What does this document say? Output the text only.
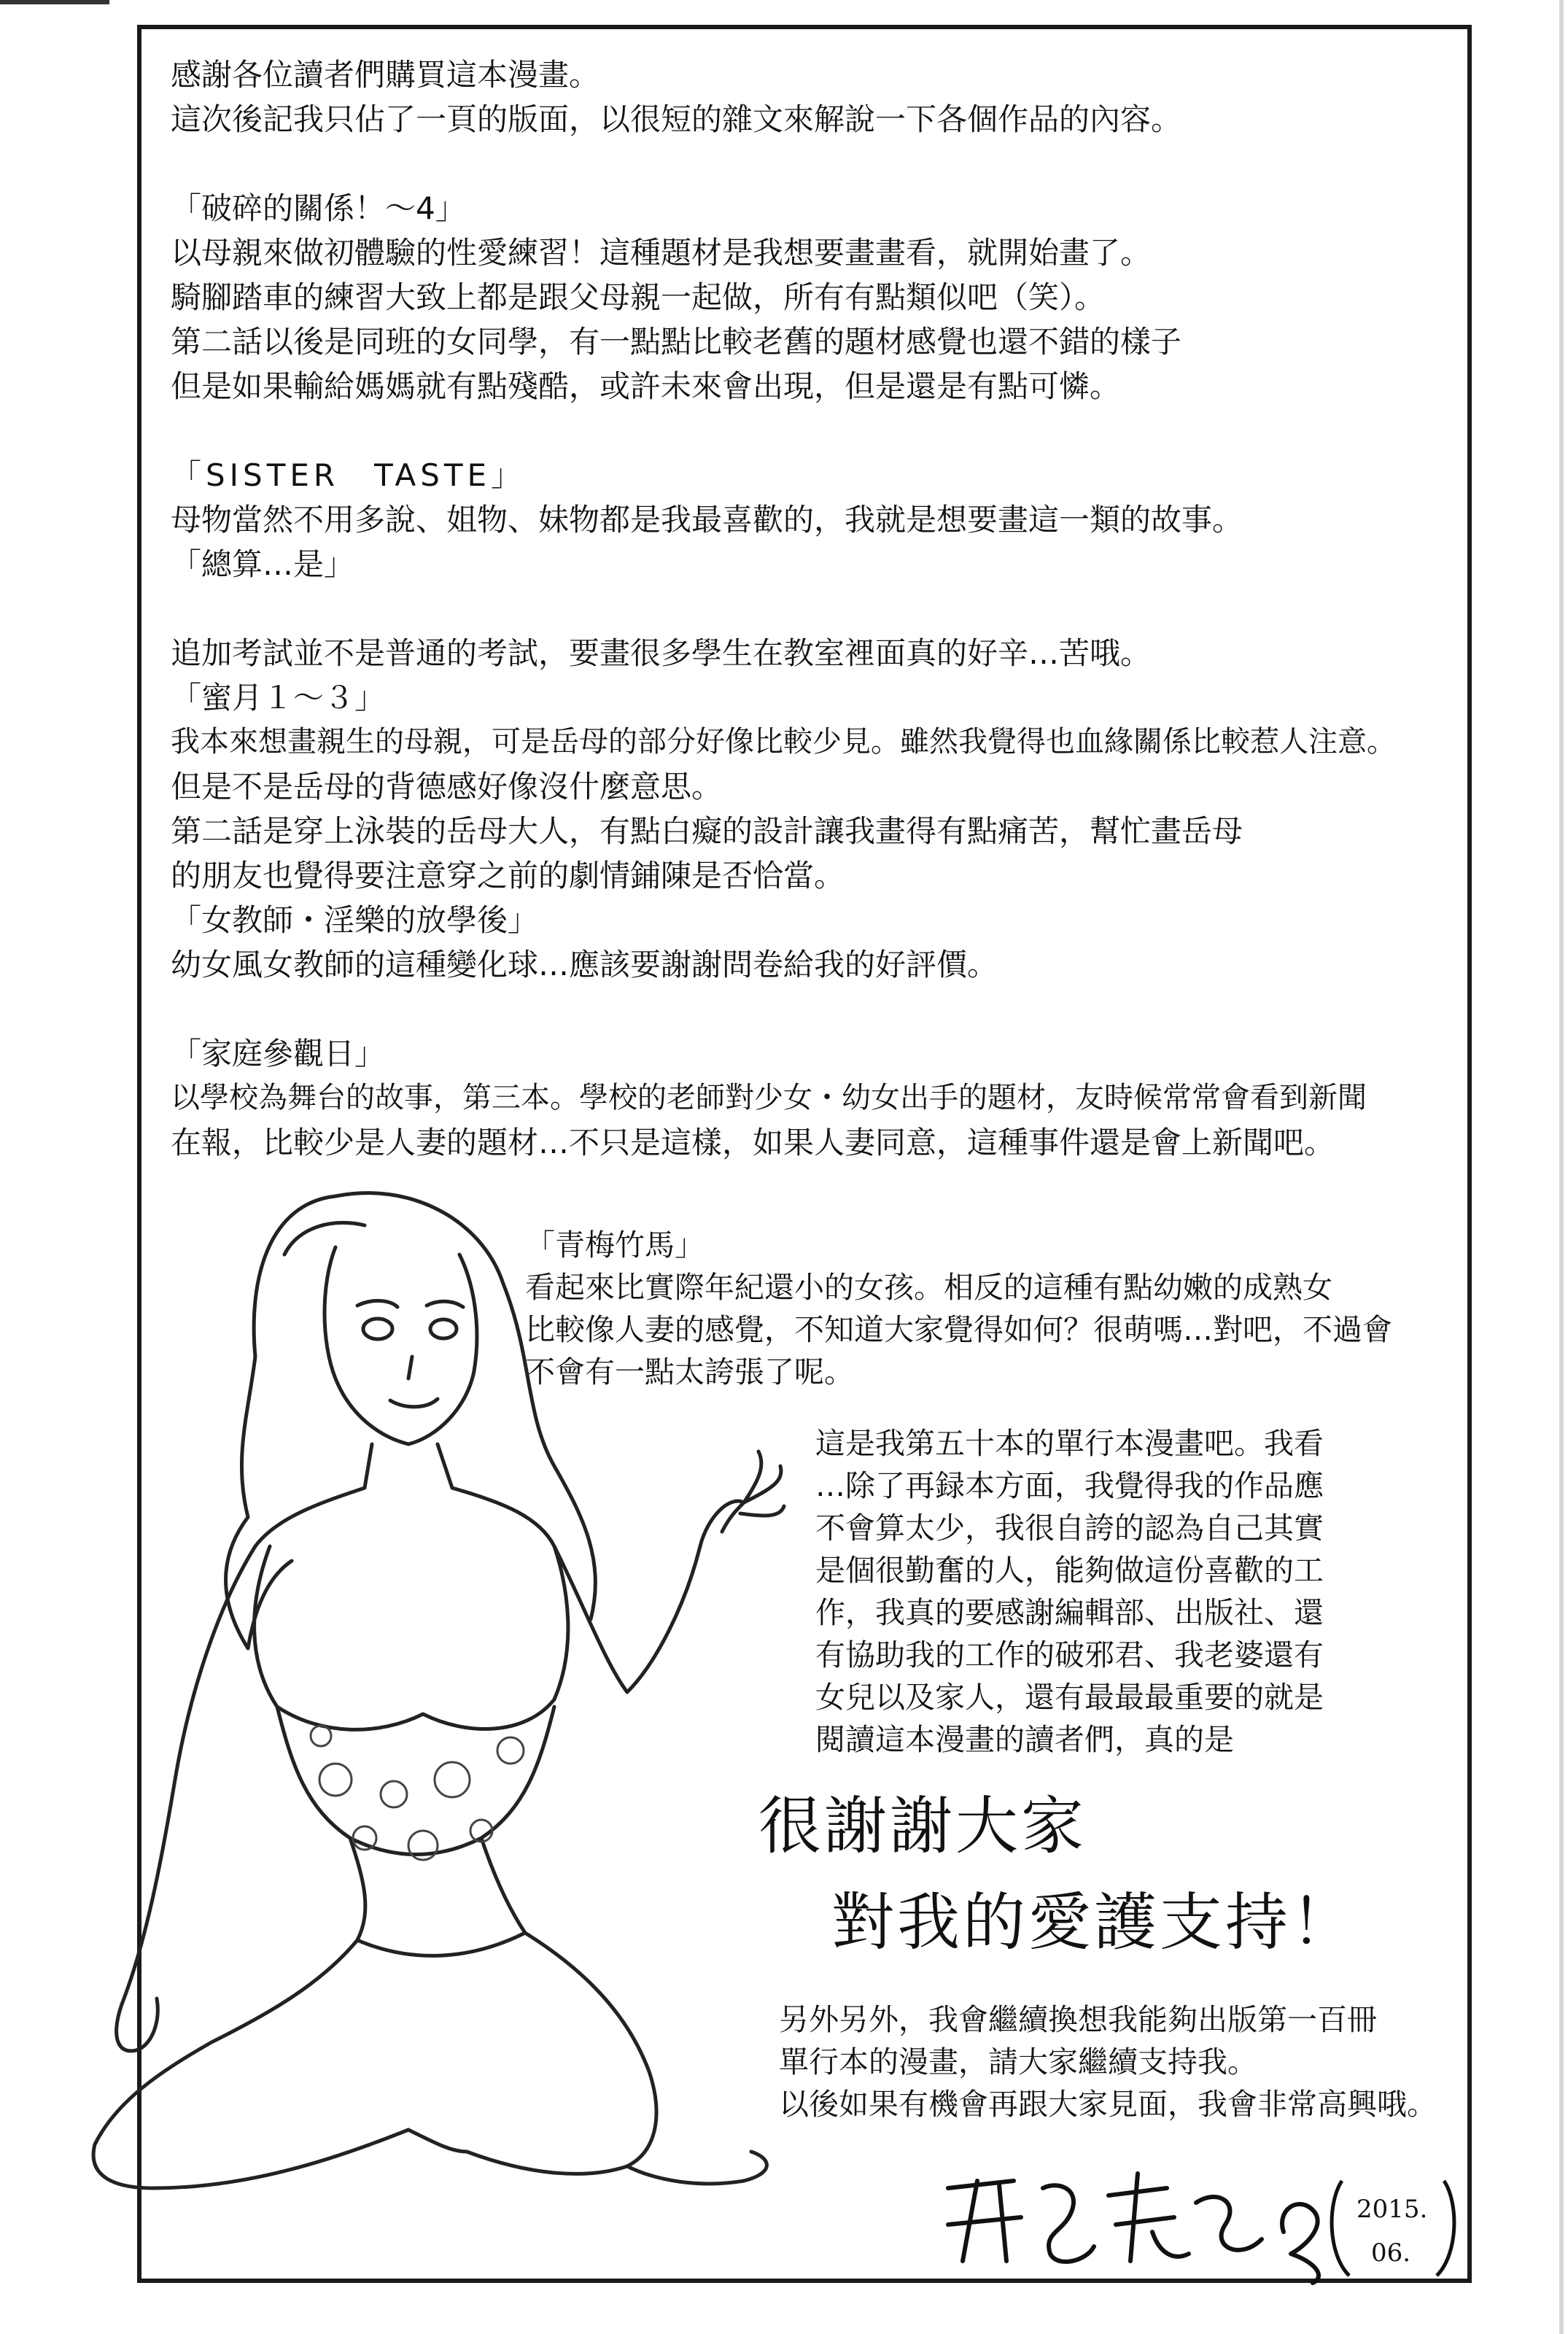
感謝各位讀者們購買這本漫畫。
這次後記我只佔了一頁的版面，以很短的雜文來解說一下各個作品的內容。
「破碎的關係！～4」
以母親來做初體驗的性愛練習！這種題材是我想要畫畫看，就開始畫了。
騎腳踏車的練習大致上都是跟父母親一起做，所有有點類似吧（笑）。
第二話以後是同班的女同學，有一點點比較老舊的題材感覺也還不錯的樣子
但是如果輸給媽媽就有點殘酷，或許未來會出現，但是還是有點可憐。
「SISTER　TASTE」
母物當然不用多說、姐物、妹物都是我最喜歡的，我就是想要畫這一類的故事。
「總算…是」
追加考試並不是普通的考試，要畫很多學生在教室裡面真的好辛…苦哦。
「蜜月１～３」
我本來想畫親生的母親，可是岳母的部分好像比較少見。雖然我覺得也血緣關係比較惹人注意。
但是不是岳母的背德感好像沒什麼意思。
第二話是穿上泳裝的岳母大人，有點白癡的設計讓我畫得有點痛苦，幫忙畫岳母
的朋友也覺得要注意穿之前的劇情鋪陳是否恰當。
「女教師・淫樂的放學後」
幼女風女教師的這種變化球…應該要謝謝問卷給我的好評價。
「家庭參觀日」
以學校為舞台的故事，第三本。學校的老師對少女・幼女出手的題材，友時候常常會看到新聞
在報，比較少是人妻的題材…不只是這樣，如果人妻同意，這種事件還是會上新聞吧。
「青梅竹馬」
看起來比實際年紀還小的女孩。相反的這種有點幼嫩的成熟女
比較像人妻的感覺，不知道大家覺得如何？很萌嗎…對吧，不過會
不會有一點太誇張了呢。
這是我第五十本的單行本漫畫吧。我看
…除了再録本方面，我覺得我的作品應
不會算太少，我很自誇的認為自己其實
是個很勤奮的人，能夠做這份喜歡的工
作，我真的要感謝編輯部、出版社、還
有協助我的工作的破邪君、我老婆還有
女兒以及家人，還有最最最重要的就是
閱讀這本漫畫的讀者們，真的是
很謝謝大家
對我的愛護支持！
另外另外，我會繼續換想我能夠出版第一百冊
單行本的漫畫，請大家繼續支持我。
以後如果有機會再跟大家見面，我會非常高興哦。
2015.
06.
